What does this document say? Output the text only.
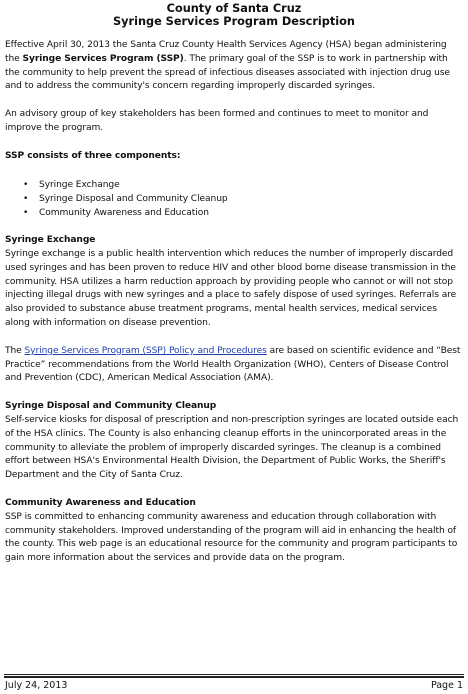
County of Santa Cruz
Syringe Services Program Description

Effective April 30, 2013 the Santa Cruz County Health Services Agency (HSA) began administering the Syringe Services Program (SSP). The primary goal of the SSP is to work in partnership with the community to help prevent the spread of infectious diseases associated with injection drug use and to address the community's concern regarding improperly discarded syringes.

An advisory group of key stakeholders has been formed and continues to meet to monitor and improve the program.

SSP consists of three components:
• Syringe Exchange
• Syringe Disposal and Community Cleanup
• Community Awareness and Education
Syringe Exchange

Syringe exchange is a public health intervention which reduces the number of improperly discarded used syringes and has been proven to reduce HIV and other blood borne disease transmission in the community. HSA utilizes a harm reduction approach by providing people who cannot or will not stop injecting illegal drugs with new syringes and a place to safely dispose of used syringes. Referrals are also provided to substance abuse treatment programs, mental health services, medical services along with information on disease prevention.

The Syringe Services Program (SSP) Policy and Procedures are based on scientific evidence and “Best Practice” recommendations from the World Health Organization (WHO), Centers of Disease Control and Prevention (CDC), American Medical Association (AMA).

Syringe Disposal and Community Cleanup

Self-service kiosks for disposal of prescription and non-prescription syringes are located outside each of the HSA clinics. The County is also enhancing cleanup efforts in the unincorporated areas in the community to alleviate the problem of improperly discarded syringes. The cleanup is a combined effort between HSA's Environmental Health Division, the Department of Public Works, the Sheriff's Department and the City of Santa Cruz.

Community Awareness and Education

SSP is committed to enhancing community awareness and education through collaboration with community stakeholders. Improved understanding of the program will aid in enhancing the health of the county. This web page is an educational resource for the community and program participants to gain more information about the services and provide data on the program.

July 24, 2013	Page 1
